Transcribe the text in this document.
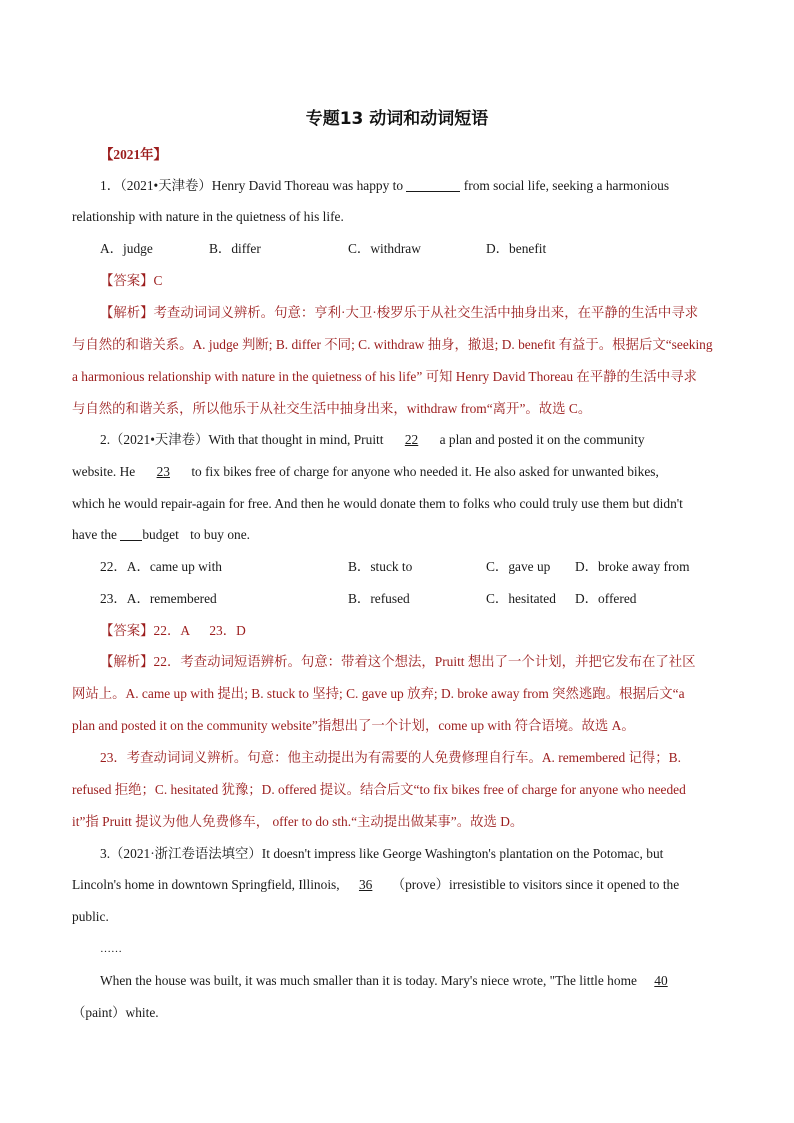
专题13 动词和动词短语
【2021年】
1．（2021•天津卷）Henry David Thoreau was happy to	from social life, seeking a harmonious
relationship with nature in the quietness of his life.
A．judge	B．differ	C．withdraw	D．benefit
【答案】C
【解析】考查动词词义辨析。句意：亨利·大卫·梭罗乐于从社交生活中抽身出来，在平静的生活中寻求
与自然的和谐关系。A. judge 判断; B. differ 不同; C. withdraw 抽身，撤退; D. benefit 有益于。根据后文“seeking
a harmonious relationship with nature in the quietness of his life” 可知 Henry David Thoreau 在平静的生活中寻求
与自然的和谐关系，所以他乐于从社交生活中抽身出来，withdraw from“离开”。故选 C。
2.（2021•天津卷）With that thought in mind, Pruitt 22 a plan and posted it on the community
website. He 23 to fix bikes free of charge for anyone who needed it. He also asked for unwanted bikes,
which he would repair-again for free. And then he would donate them to folks who could truly use them but didn't
have the budget to buy one.
22．A．came up with	B．stuck to	C．gave up D．broke away from
23．A．remembered	B．refused	C．hesitated D．offered
【答案】22．A      23．D
【解析】22．考查动词短语辨析。句意：带着这个想法，Pruitt 想出了一个计划，并把它发布在了社区
网站上。A. came up with 提出; B. stuck to 坚持; C. gave up 放弃; D. broke away from 突然逃跑。根据后文“a
plan and posted it on the community website”指想出了一个计划，come up with 符合语境。故选 A。
23．考查动词词义辨析。句意：他主动提出为有需要的人免费修理自行车。A. remembered 记得；B.
refused 拒绝；C. hesitated 犹豫；D. offered 提议。结合后文“to fix bikes free of charge for anyone who needed
it”指 Pruitt 提议为他人免费修车， offer to do sth.“主动提出做某事”。故选 D。
3.（2021·浙江卷语法填空）It doesn't impress like George Washington's plantation on the Potomac, but
Lincoln's home in downtown Springfield, Illinois, 36 （prove）irresistible to visitors since it opened to the
public.
……
When the house was built, it was much smaller than it is today. Mary's niece wrote, "The little home 40
（paint）white.
